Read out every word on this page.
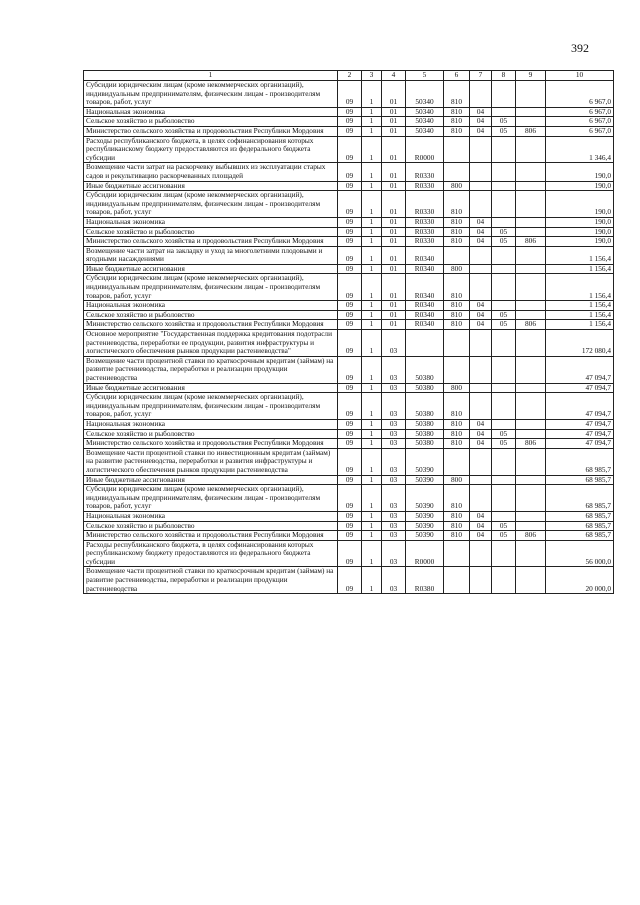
392
1	2	3	4	5	6	7	8	9	10
Субсидии юридическим лицам (кроме некоммерческих организаций), индивидуальным предпринимателям, физическим лицам - производителям товаров, работ, услуг	09	1	01	50340	810				6 967,0
Национальная экономика	09	1	01	50340	810	04			6 967,0
Сельское хозяйство и рыболовство	09	1	01	50340	810	04	05		6 967,0
Министерство сельского хозяйства и продовольствия Республики Мордовия	09	1	01	50340	810	04	05	806	6 967,0
Расходы республиканского бюджета, в целях софинансирования которых республиканскому бюджету предоставляются из федерального бюджета субсидии	09	1	01	R0000					1 346,4
Возмещение части затрат на раскорчевку выбывших из эксплуатации старых садов и рекультивацию раскорчеванных площадей	09	1	01	R0330					190,0
Иные бюджетные ассигнования	09	1	01	R0330	800				190,0
Субсидии юридическим лицам (кроме некоммерческих организаций), индивидуальным предпринимателям, физическим лицам - производителям товаров, работ, услуг	09	1	01	R0330	810				190,0
Национальная экономика	09	1	01	R0330	810	04			190,0
Сельское хозяйство и рыболовство	09	1	01	R0330	810	04	05		190,0
Министерство сельского хозяйства и продовольствия Республики Мордовия	09	1	01	R0330	810	04	05	806	190,0
Возмещение части затрат на закладку и уход за многолетними плодовыми и ягодными насаждениями	09	1	01	R0340					1 156,4
Иные бюджетные ассигнования	09	1	01	R0340	800				1 156,4
Субсидии юридическим лицам (кроме некоммерческих организаций), индивидуальным предпринимателям, физическим лицам - производителям товаров, работ, услуг	09	1	01	R0340	810				1 156,4
Национальная экономика	09	1	01	R0340	810	04			1 156,4
Сельское хозяйство и рыболовство	09	1	01	R0340	810	04	05		1 156,4
Министерство сельского хозяйства и продовольствия Республики Мордовия	09	1	01	R0340	810	04	05	806	1 156,4
Основное мероприятие "Государственная поддержка кредитования подотрасли растениеводства, переработки ее продукции, развития инфраструктуры и логистического обеспечения рынков продукции растениеводства"	09	1	03						172 080,4
Возмещение части процентной ставки по краткосрочным кредитам (займам) на развитие растениеводства, переработки и реализации продукции растениеводства	09	1	03	50380					47 094,7
Иные бюджетные ассигнования	09	1	03	50380	800				47 094,7
Субсидии юридическим лицам (кроме некоммерческих организаций), индивидуальным предпринимателям, физическим лицам - производителям товаров, работ, услуг	09	1	03	50380	810				47 094,7
Национальная экономика	09	1	03	50380	810	04			47 094,7
Сельское хозяйство и рыболовство	09	1	03	50380	810	04	05		47 094,7
Министерство сельского хозяйства и продовольствия Республики Мордовия	09	1	03	50380	810	04	05	806	47 094,7
Возмещение части процентной ставки по инвестиционным кредитам (займам) на развитие растениеводства, переработки и развития инфраструктуры и логистического обеспечения рынков продукции растениеводства	09	1	03	50390					68 985,7
Иные бюджетные ассигнования	09	1	03	50390	800				68 985,7
Субсидии юридическим лицам (кроме некоммерческих организаций), индивидуальным предпринимателям, физическим лицам - производителям товаров, работ, услуг	09	1	03	50390	810				68 985,7
Национальная экономика	09	1	03	50390	810	04			68 985,7
Сельское хозяйство и рыболовство	09	1	03	50390	810	04	05		68 985,7
Министерство сельского хозяйства и продовольствия Республики Мордовия	09	1	03	50390	810	04	05	806	68 985,7
Расходы республиканского бюджета, в целях софинансирования которых республиканскому бюджету предоставляются из федерального бюджета субсидии	09	1	03	R0000					56 000,0
Возмещение части процентной ставки по краткосрочным кредитам (займам) на развитие растениеводства, переработки и реализации продукции растениеводства	09	1	03	R0380					20 000,0
